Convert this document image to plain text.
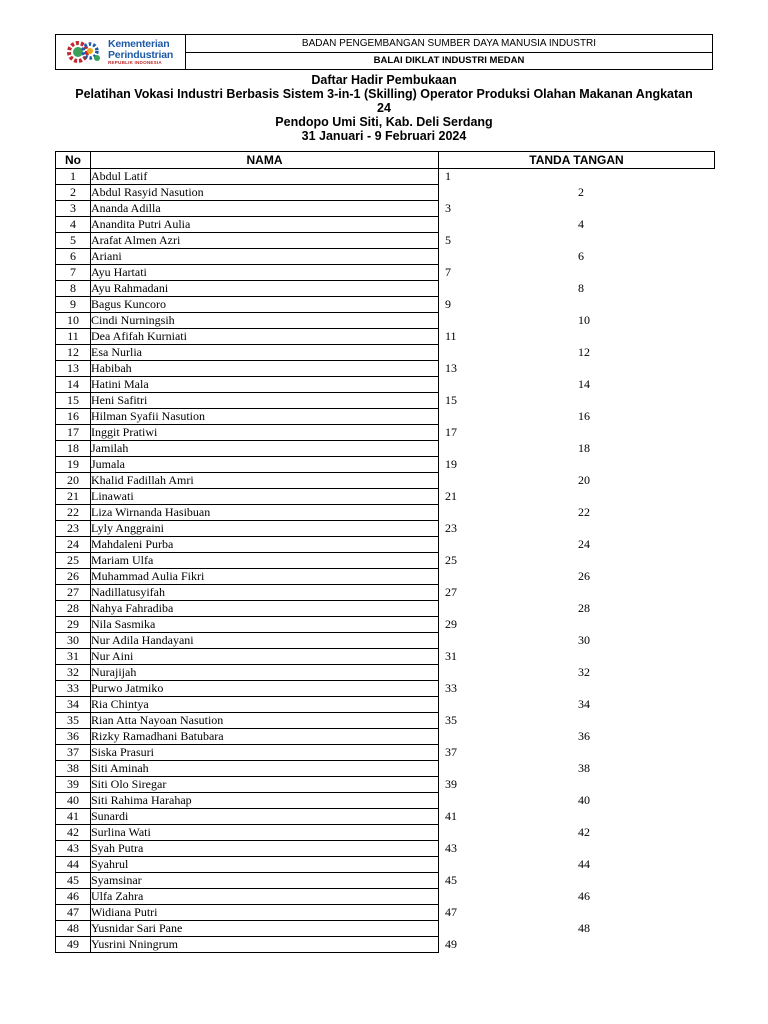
Kementerian
Perindustrian
REPUBLIK INDONESIA
BADAN PENGEMBANGAN SUMBER DAYA MANUSIA INDUSTRI
BALAI DIKLAT INDUSTRI MEDAN
Daftar Hadir Pembukaan
Pelatihan Vokasi Industri Berbasis Sistem 3-in-1 (Skilling) Operator Produksi Olahan Makanan Angkatan
24
Pendopo Umi Siti, Kab. Deli Serdang
31 Januari - 9 Februari 2024
No	NAMA	TANDA TANGAN
1	Abdul Latif	1

2	Abdul Rasyid Nasution	2

3	Ananda Adilla	3

4	Anandita Putri Aulia	4

5	Arafat Almen Azri	5

6	Ariani	6

7	Ayu Hartati	7

8	Ayu Rahmadani	8

9	Bagus Kuncoro	9

10	Cindi Nurningsih	10

11	Dea Afifah Kurniati	11

12	Esa Nurlia	12

13	Habibah	13

14	Hatini Mala	14

15	Heni Safitri	15

16	Hilman Syafii Nasution	16

17	Inggit Pratiwi	17

18	Jamilah	18

19	Jumala	19

20	Khalid Fadillah Amri	20

21	Linawati	21

22	Liza Wirnanda Hasibuan	22

23	Lyly Anggraini	23

24	Mahdaleni Purba	24

25	Mariam Ulfa	25

26	Muhammad Aulia Fikri	26

27	Nadillatusyifah	27

28	Nahya Fahradiba	28

29	Nila Sasmika	29

30	Nur Adila Handayani	30

31	Nur Aini	31

32	Nurajijah	32

33	Purwo Jatmiko	33

34	Ria Chintya	34

35	Rian Atta Nayoan Nasution	35

36	Rizky Ramadhani Batubara	36

37	Siska Prasuri	37

38	Siti Aminah	38

39	Siti Olo Siregar	39

40	Siti Rahima Harahap	40

41	Sunardi	41

42	Surlina Wati	42

43	Syah Putra	43

44	Syahrul	44

45	Syamsinar	45

46	Ulfa Zahra	46

47	Widiana Putri	47

48	Yusnidar Sari Pane	48

49	Yusrini Nningrum	49
